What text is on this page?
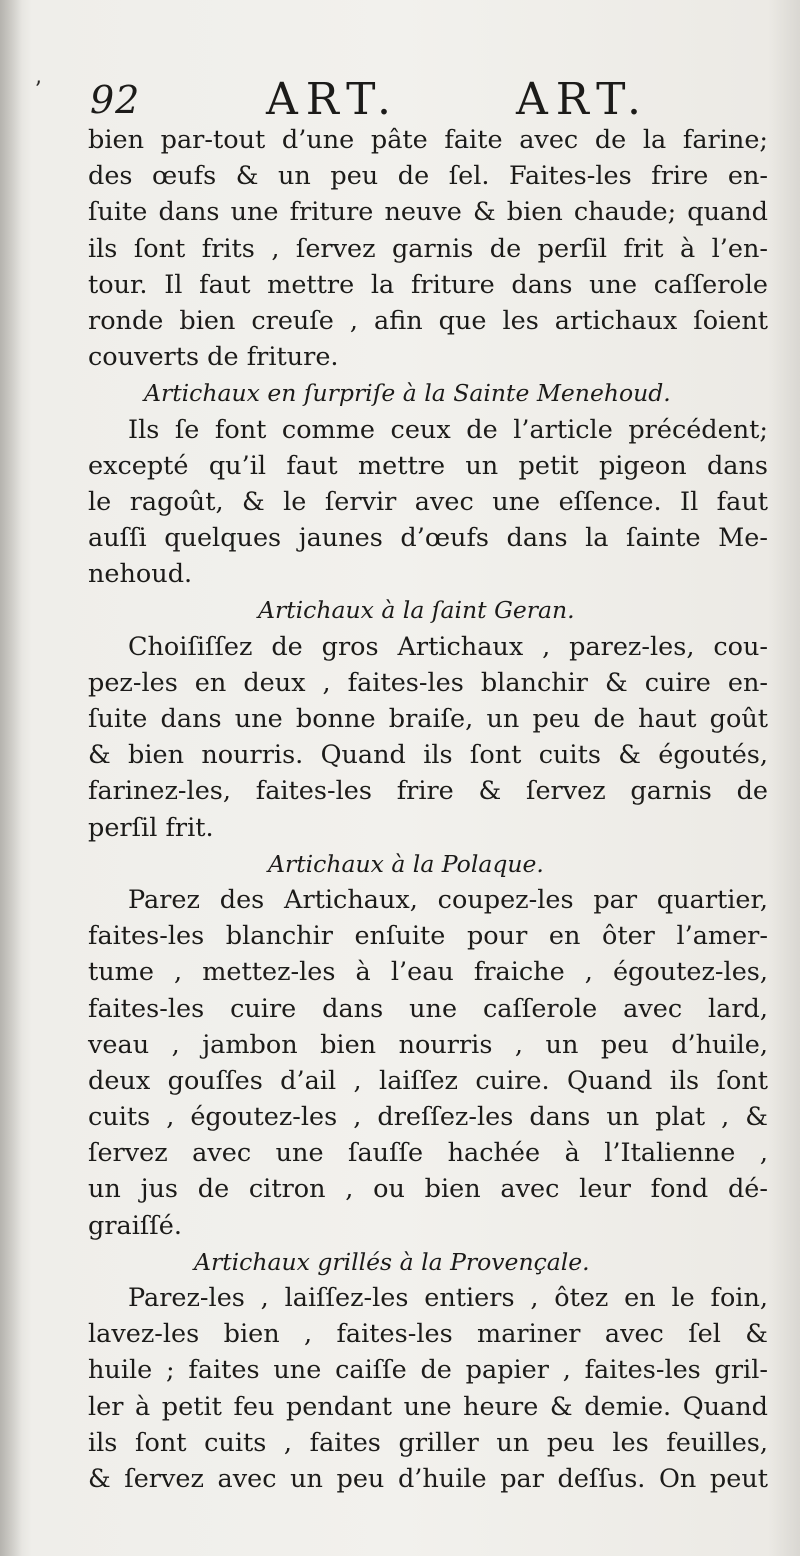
92	ART.	ART.
ʼ
bien par-tout d’une pâte faite avec de la farine;
des œufs & un peu de ſel. Faites-les frire en-
ſuite dans une friture neuve & bien chaude; quand
ils ſont frits , ſervez garnis de perſil frit à l’en-
tour. Il faut mettre la friture dans une caſſerole
ronde bien creuſe , afin que les artichaux ſoient
couverts de friture.
Artichaux en ſurpriſe à la Sainte Menehoud.
Ils ſe font comme ceux de l’article précédent;
excepté qu’il faut mettre un petit pigeon dans
le ragoût, & le ſervir avec une eſſence. Il faut
auſſi quelques jaunes d’œufs dans la ſainte Me-
nehoud.
Artichaux à la ſaint Geran.
Choiſiſſez de gros Artichaux , parez-les, cou-
pez-les en deux , faites-les blanchir & cuire en-
ſuite dans une bonne braiſe, un peu de haut goût
& bien nourris. Quand ils ſont cuits & égoutés,
farinez-les, faites-les frire & ſervez garnis de
perſil frit.
Artichaux à la Polaque.
Parez des Artichaux, coupez-les par quartier,
faites-les blanchir enſuite pour en ôter l’amer-
tume , mettez-les à l’eau fraiche , égoutez-les,
faites-les cuire dans une caſſerole avec lard,
veau , jambon bien nourris , un peu d’huile,
deux gouſſes d’ail , laiſſez cuire. Quand ils ſont
cuits , égoutez-les , dreſſez-les dans un plat , &
ſervez avec une ſauſſe hachée à l’Italienne ,
un jus de citron , ou bien avec leur fond dé-
graiſſé.
Artichaux grillés à la Provençale.
Parez-les , laiſſez-les entiers , ôtez en le foin,
lavez-les bien , faites-les mariner avec ſel &
huile ; faites une caiſſe de papier , faites-les gril-
ler à petit feu pendant une heure & demie. Quand
ils ſont cuits , faites griller un peu les feuilles,
& ſervez avec un peu d’huile par deſſus. On peut
